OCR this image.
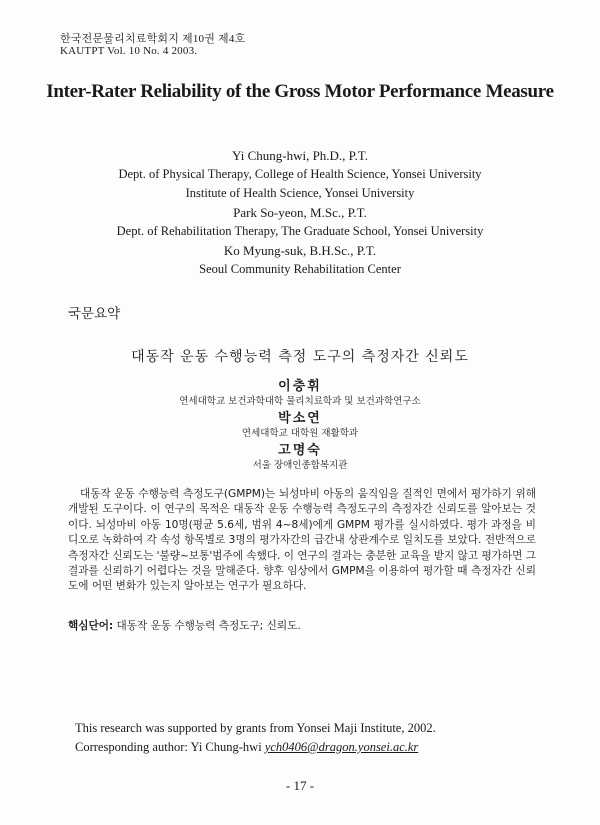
한국전문물리치료학회지 제10권 제4호
KAUTPT Vol. 10 No. 4 2003.
Inter-Rater Reliability of the Gross Motor Performance Measure
Yi Chung-hwi, Ph.D., P.T.
Dept. of Physical Therapy, College of Health Science, Yonsei University
Institute of Health Science, Yonsei University
Park So-yeon, M.Sc., P.T.
Dept. of Rehabilitation Therapy, The Graduate School, Yonsei University
Ko Myung-suk, B.H.Sc., P.T.
Seoul Community Rehabilitation Center
국문요약
대동작 운동 수행능력 측정 도구의 측정자간 신뢰도
이충휘
연세대학교 보건과학대학 물리치료학과 및 보건과학연구소
박소연
연세대학교 대학원 재활학과
고명숙
서울 장애인종합복지관
대동작 운동 수행능력 측정도구(GMPM)는 뇌성마비 아동의 움직임을 질적인 면에서 평가하기 위해 개발된 도구이다. 이 연구의 목적은 대동작 운동 수행능력 측정도구의 측정자간 신뢰도를 알아보는 것이다. 뇌성마비 아동 10명(평균 5.6세, 범위 4~8세)에게 GMPM 평가를 실시하였다. 평가 과정을 비디오로 녹화하여 각 속성 항목별로 3명의 평가자간의 급간내 상관계수로 일치도를 보았다. 전반적으로 측정자간 신뢰도는 '불량~보통'범주에 속했다. 이 연구의 결과는 충분한 교육을 받지 않고 평가하면 그 결과를 신뢰하기 어렵다는 것을 말해준다. 향후 임상에서 GMPM을 이용하여 평가할 때 측정자간 신뢰도에 어떤 변화가 있는지 알아보는 연구가 필요하다.
핵심단어: 대동작 운동 수행능력 측정도구; 신뢰도.
This research was supported by grants from Yonsei Maji Institute, 2002.
Corresponding author: Yi Chung-hwi ych0406@dragon.yonsei.ac.kr
- 17 -
